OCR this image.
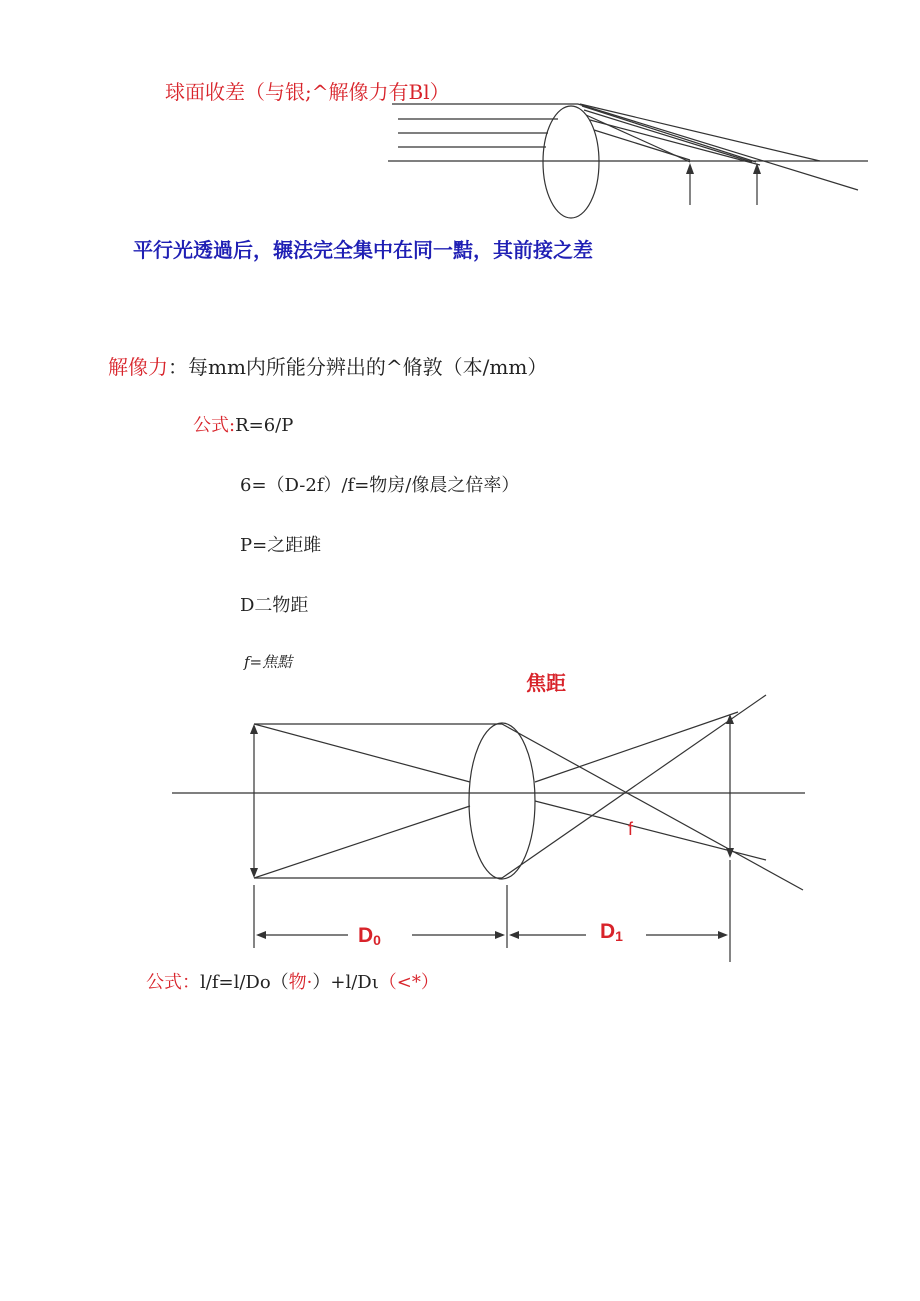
球面收差（与银;^解像力有Bl）
平行光透過后，辗法完全集中在同一黠，其前接之差
解像力：每mm内所能分辨出的^脩敦（本/mm）
公式:R=6/P
6=（D-2f）/f=物房/像晨之倍率）
P=之距雎
D二物距
f=焦黠
焦距
f
D0	D1
公式：l/f=l/Do（物·）+l/Dι（<*）
